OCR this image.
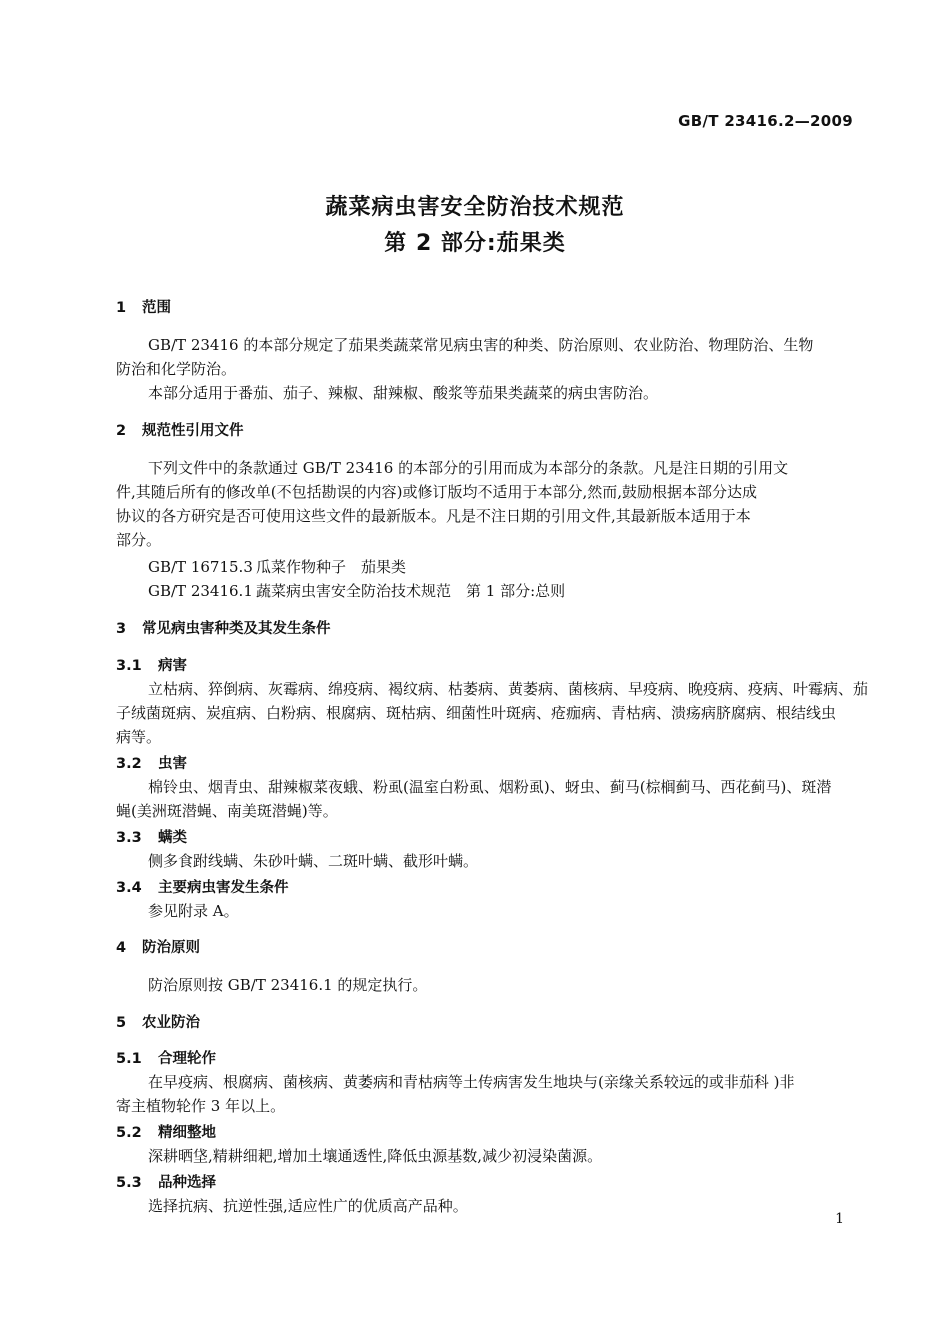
GB/T 23416.2—2009
蔬菜病虫害安全防治技术规范
第 2 部分:茄果类
1 范围
GB/T 23416 的本部分规定了茄果类蔬菜常见病虫害的种类、防治原则、农业防治、物理防治、生物
防治和化学防治。
本部分适用于番茄、茄子、辣椒、甜辣椒、酸浆等茄果类蔬菜的病虫害防治。
2 规范性引用文件
下列文件中的条款通过 GB/T 23416 的本部分的引用而成为本部分的条款。凡是注日期的引用文
件,其随后所有的修改单(不包括勘误的内容)或修订版均不适用于本部分,然而,鼓励根据本部分达成
协议的各方研究是否可使用这些文件的最新版本。凡是不注日期的引用文件,其最新版本适用于本
部分。
GB/T 16715.3 瓜菜作物种子　茄果类
GB/T 23416.1 蔬菜病虫害安全防治技术规范　第 1 部分:总则
3 常见病虫害种类及其发生条件
3.1 病害
立枯病、猝倒病、灰霉病、绵疫病、褐纹病、枯萎病、黄萎病、菌核病、早疫病、晚疫病、疫病、叶霉病、茄
子绒菌斑病、炭疽病、白粉病、根腐病、斑枯病、细菌性叶斑病、疮痂病、青枯病、溃疡病脐腐病、根结线虫
病等。
3.2 虫害
棉铃虫、烟青虫、甜辣椒菜夜蛾、粉虱(温室白粉虱、烟粉虱)、蚜虫、蓟马(棕榈蓟马、西花蓟马)、斑潜
蝇(美洲斑潜蝇、南美斑潜蝇)等。
3.3 螨类
侧多食跗线螨、朱砂叶螨、二斑叶螨、截形叶螨。
3.4 主要病虫害发生条件
参见附录 A。
4 防治原则
防治原则按 GB/T 23416.1 的规定执行。
5 农业防治
5.1 合理轮作
在早疫病、根腐病、菌核病、黄萎病和青枯病等土传病害发生地块与(亲缘关系较远的或非茄科 )非
寄主植物轮作 3 年以上。
5.2 精细整地
深耕晒垡,精耕细耙,增加土壤通透性,降低虫源基数,减少初浸染菌源。
5.3 品种选择
选择抗病、抗逆性强,适应性广的优质高产品种。
1
